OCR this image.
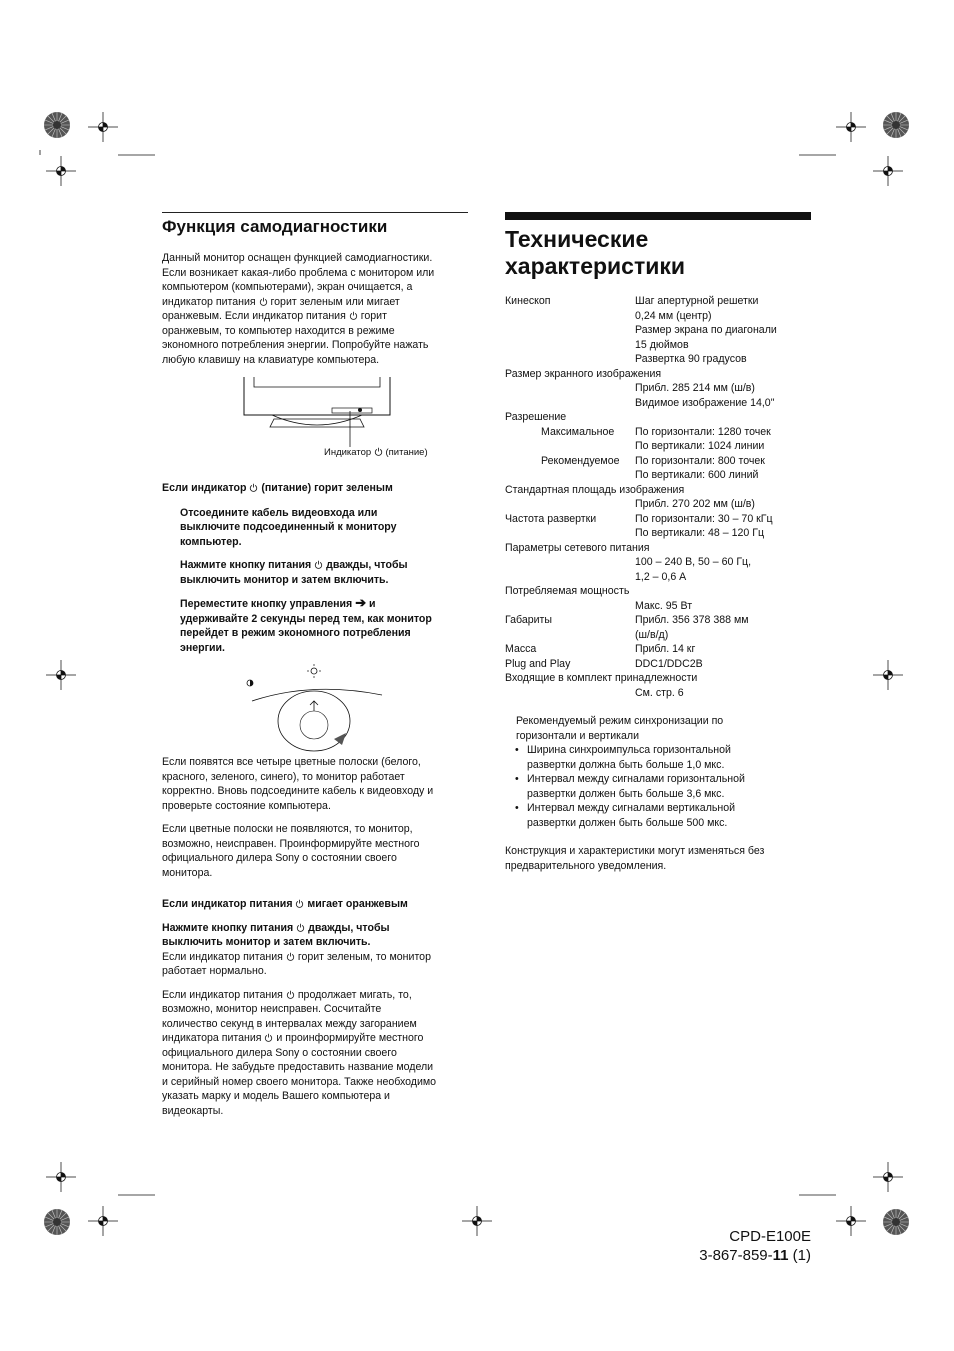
Функция самодиагностики
Данный монитор оснащен функцией самодиагностики.
Если возникает какая-либо проблема с монитором или
компьютером (компьютерами), экран очищается, а
индикатор питания  горит зеленым или мигает
оранжевым. Если индикатор питания  горит
оранжевым, то компьютер находится в режиме
экономного потребления энергии. Попробуйте нажать
любую клавишу на клавиатуре компьютера.
Индикатор  (питание)
Если индикатор  (питание) горит зеленым
Отсоедините кабель видеовхода или
выключите подсоединенный к монитору
компьютер.
Нажмите кнопку питания  дважды, чтобы
выключить монитор и затем включить.
Переместите кнопку управления ➔ и
удерживайте 2 секунды перед тем, как монитор
перейдет в режим экономного потребления
энергии.
Если появятся все четыре цветные полоски (белого,
красного, зеленого, синего), то монитор работает
корректно. Вновь подсоедините кабель к видеовходу и
проверьте состояние компьютера.
Если цветные полоски не появляются, то монитор,
возможно, неисправен. Проинформируйте местного
официального дилера Sony о состоянии своего
монитора.
Если индикатор питания  мигает оранжевым
Нажмите кнопку питания  дважды, чтобы
выключить монитор и затем включить.
Если индикатор питания  горит зеленым, то монитор
работает нормально.
Если индикатор питания  продолжает мигать, то,
возможно, монитор неисправен. Сосчитайте
количество секунд в интервалах между загоранием
индикатора питания  и проинформируйте местного
официального дилера Sony о состоянии своего
монитора. Не забудьте предоставить название модели
и серийный номер своего монитора. Также необходимо
указать марку и модель Вашего компьютера и
видеокарты.
Технические
характеристики
Кинескоп	Шаг апертурной решетки
0,24 мм (центр)
Размер экрана по диагонали
15 дюймов
Развертка 90 градусов
Размер экранного изображения
Прибл. 285 214 мм (ш/в)
Видимое изображение 14,0"
Разрешение
Максимальное	По горизонтали: 1280 точек
По вертикали: 1024 линии
Рекомендуемое	По горизонтали: 800 точек
По вертикали: 600 линий
Стандартная площадь изображения
Прибл. 270 202 мм (ш/в)
Частота развертки	По горизонтали: 30 – 70 кГц
По вертикали: 48 – 120 Гц
Параметры сетевого питания
100 – 240 В, 50 – 60 Гц,
1,2 – 0,6 А
Потребляемая мощность
Макс. 95 Вт
Габариты	Прибл. 356 378 388 мм
(ш/в/д)
Масса	Прибл. 14 кг
Plug and Play	DDC1/DDC2B
Входящие в комплект принадлежности
См. стр. 6
Рекомендуемый режим синхронизации по
горизонтали и вертикали
• Ширина синхроимпульса горизонтальной
развертки должна быть больше 1,0 мкс.
• Интервал между сигналами горизонтальной
развертки должен быть больше 3,6 мкс.
• Интервал между сигналами вертикальной
развертки должен быть больше 500 мкс.
Конструкция и характеристики могут изменяться без
предварительного уведомления.
CPD-E100E
3-867-859-11 (1)
